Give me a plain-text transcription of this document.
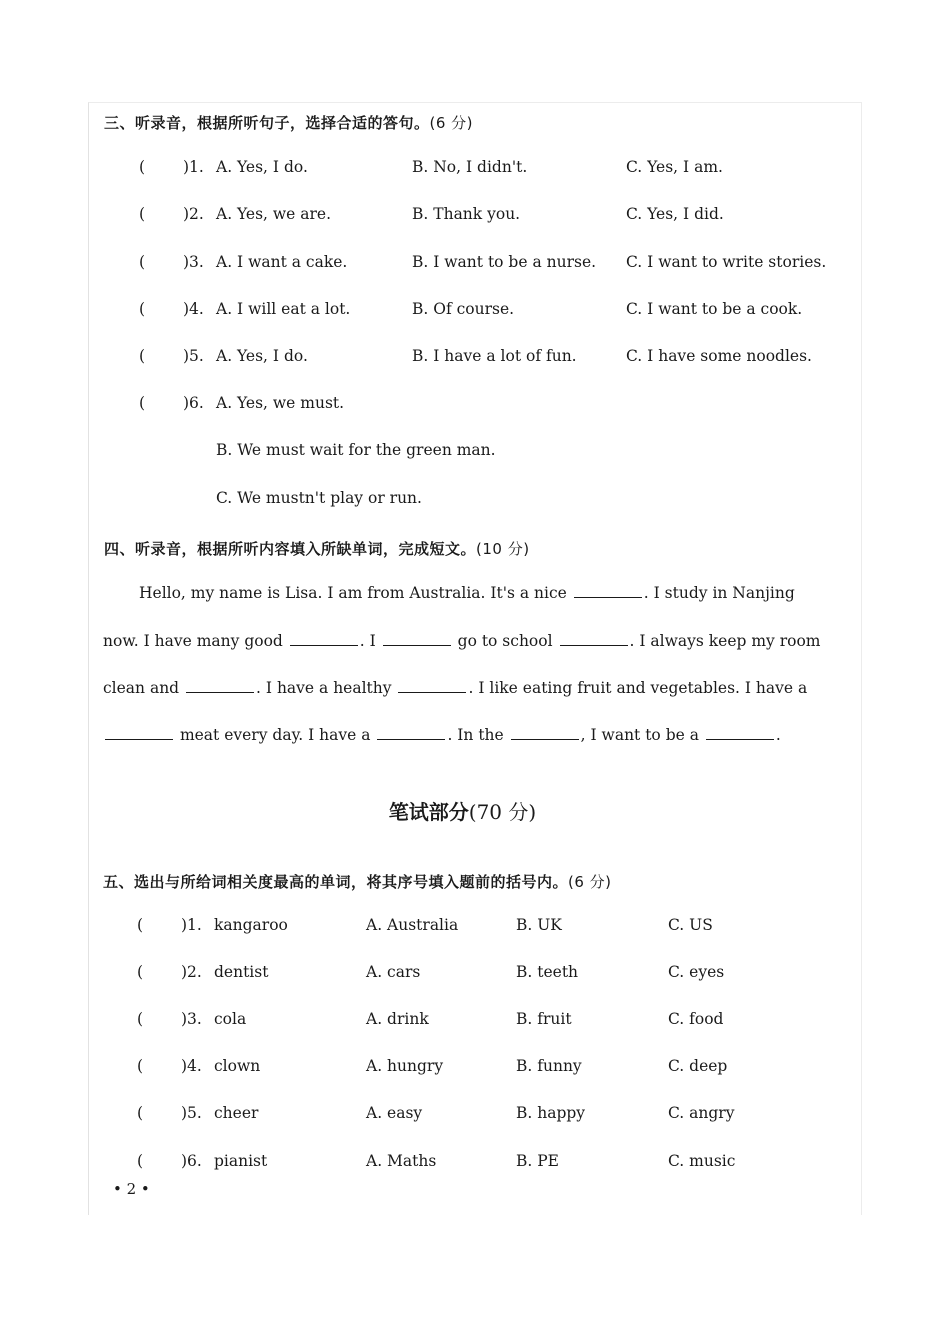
三、听录音，根据所听句子，选择合适的答句。(6 分)
( )1. A. Yes, I do.	B. No, I didn't.	C. Yes, I am.
( )2. A. Yes, we are.	B. Thank you.	C. Yes, I did.
( )3. A. I want a cake.	B. I want to be a nurse. C. I want to write stories.
( )4. A. I will eat a lot.	B. Of course.	C. I want to be a cook.
( )5. A. Yes, I do.	B. I have a lot of fun.	C. I have some noodles.
( )6. A. Yes, we must.
B. We must wait for the green man.
C. We mustn't play or run.
四、听录音，根据所听内容填入所缺单词，完成短文。(10 分)
Hello, my name is Lisa. I am from Australia. It's a nice	. I study in Nanjing
now. I have many good	. I	go to school	. I always keep my room
clean and	. I have a healthy	. I like eating fruit and vegetables. I have a
meat every day. I have a	. In the	, I want to be a	.
笔试部分(70 分)
五、选出与所给词相关度最高的单词，将其序号填入题前的括号内。(6 分)
( )1. kangaroo	A. Australia	B. UK	C. US
( )2. dentist	A. cars	B. teeth	C. eyes
( )3. cola	A. drink	B. fruit	C. food
( )4. clown	A. hungry	B. funny	C. deep
( )5. cheer	A. easy	B. happy	C. angry
( )6. pianist	A. Maths	B. PE	C. music
• 2 •
